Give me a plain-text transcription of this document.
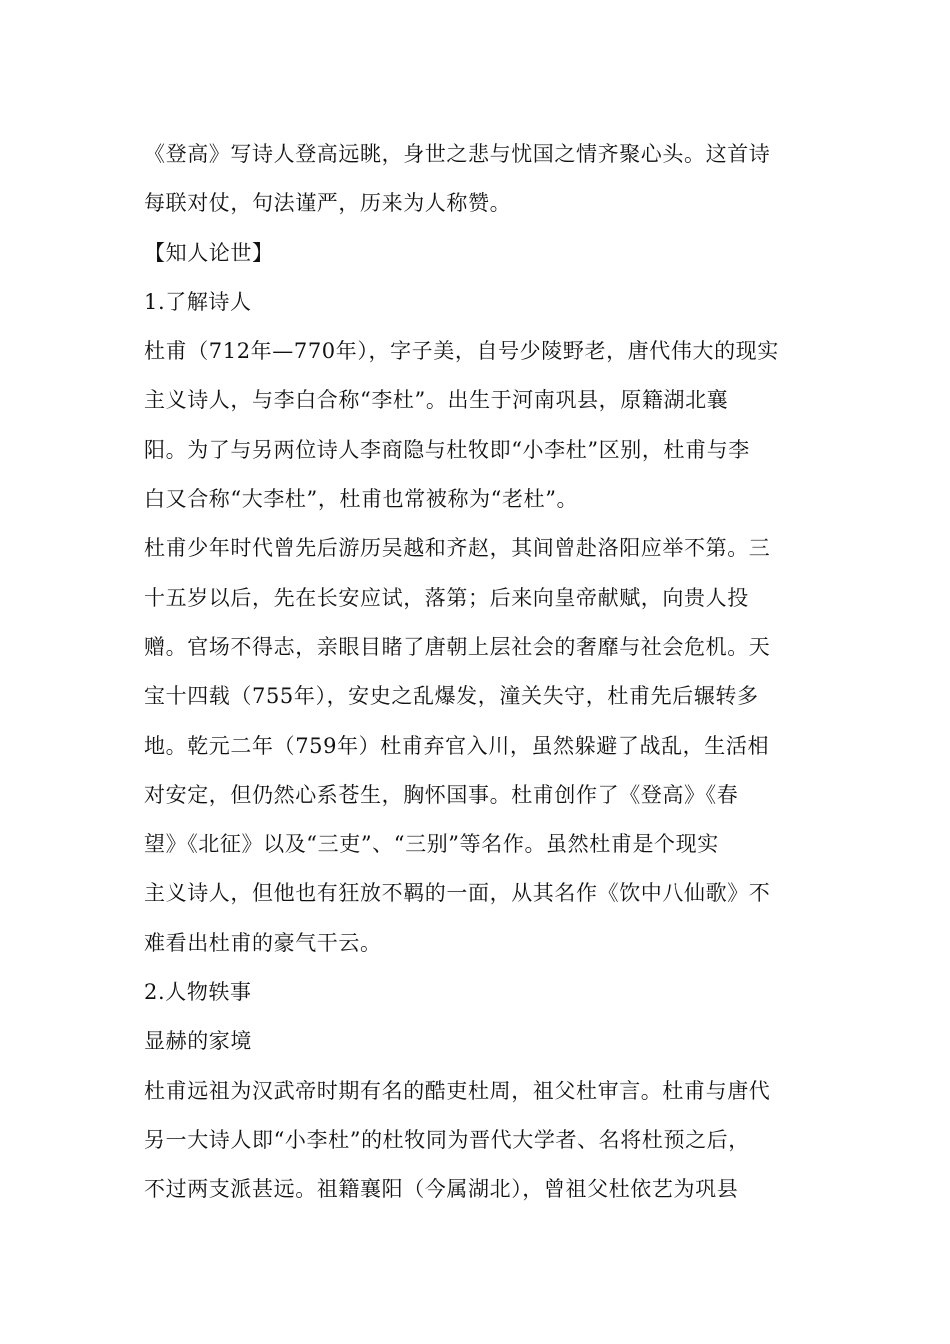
《登高》写诗人登高远眺，身世之悲与忧国之情齐聚心头。这首诗
每联对仗，句法谨严，历来为人称赞。
【知人论世】
1.了解诗人
杜甫（712年—770年），字子美，自号少陵野老，唐代伟大的现实
主义诗人，与李白合称“李杜”。出生于河南巩县，原籍湖北襄
阳。为了与另两位诗人李商隐与杜牧即“小李杜”区别，杜甫与李
白又合称“大李杜”，杜甫也常被称为“老杜”。
杜甫少年时代曾先后游历吴越和齐赵，其间曾赴洛阳应举不第。三
十五岁以后，先在长安应试，落第；后来向皇帝献赋，向贵人投
赠。官场不得志，亲眼目睹了唐朝上层社会的奢靡与社会危机。天
宝十四载（755年），安史之乱爆发，潼关失守，杜甫先后辗转多
地。乾元二年（759年）杜甫弃官入川，虽然躲避了战乱，生活相
对安定，但仍然心系苍生，胸怀国事。杜甫创作了《登高》《春
望》《北征》以及“三吏”、“三别”等名作。虽然杜甫是个现实
主义诗人，但他也有狂放不羁的一面，从其名作《饮中八仙歌》不
难看出杜甫的豪气干云。
2.人物轶事
显赫的家境
杜甫远祖为汉武帝时期有名的酷吏杜周，祖父杜审言。杜甫与唐代
另一大诗人即“小李杜”的杜牧同为晋代大学者、名将杜预之后，
不过两支派甚远。祖籍襄阳（今属湖北），曾祖父杜依艺为巩县
